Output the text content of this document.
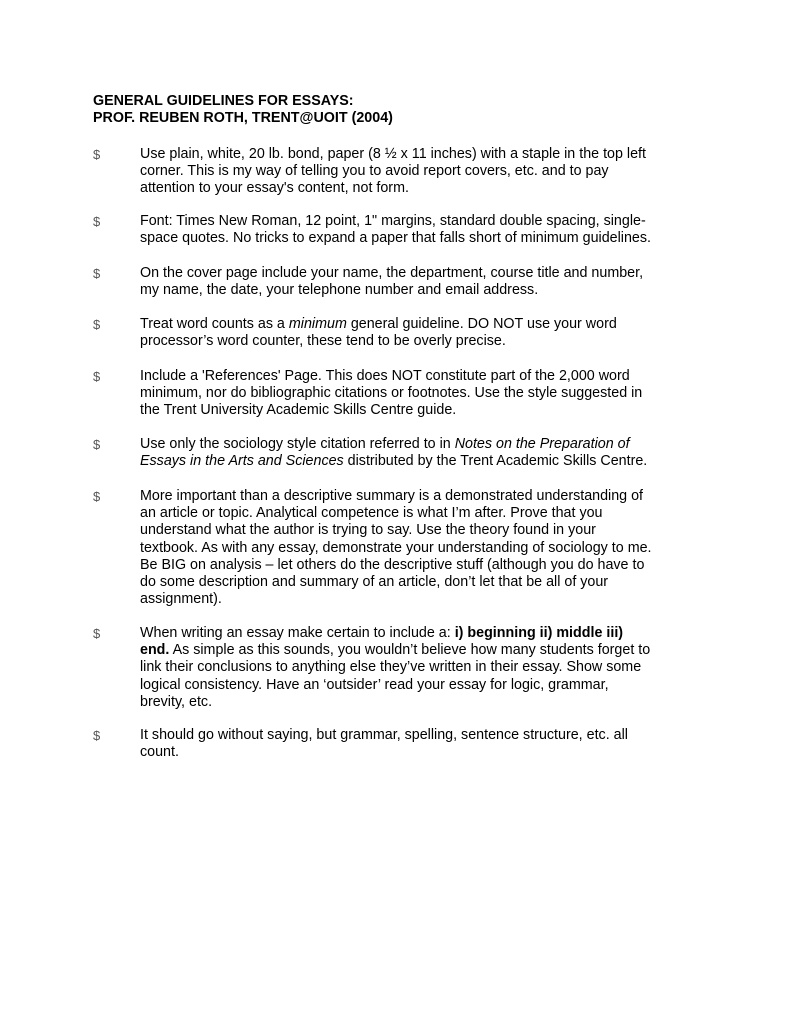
GENERAL GUIDELINES FOR ESSAYS:
PROF. REUBEN ROTH, TRENT@UOIT (2004)
$	Use plain, white, 20 lb. bond, paper (8 ½ x 11 inches) with a staple in the top left
corner. This is my way of telling you to avoid report covers, etc. and to pay
attention to your essay's content, not form.
$	Font: Times New Roman, 12 point, 1" margins, standard double spacing, single-
space quotes. No tricks to expand a paper that falls short of minimum guidelines.
$	On the cover page include your name, the department, course title and number,
my name, the date, your telephone number and email address.
$	Treat word counts as a minimum general guideline. DO NOT use your word
processor’s word counter, these tend to be overly precise.
$	Include a 'References' Page. This does NOT constitute part of the 2,000 word
minimum, nor do bibliographic citations or footnotes. Use the style suggested in
the Trent University Academic Skills Centre guide.
$	Use only the sociology style citation referred to in Notes on the Preparation of
Essays in the Arts and Sciences distributed by the Trent Academic Skills Centre.
$	More important than a descriptive summary is a demonstrated understanding of
an article or topic. Analytical competence is what I’m after. Prove that you
understand what the author is trying to say. Use the theory found in your
textbook. As with any essay, demonstrate your understanding of sociology to me.
Be BIG on analysis – let others do the descriptive stuff (although you do have to
do some description and summary of an article, don’t let that be all of your
assignment).
$	When writing an essay make certain to include a: i) beginning ii) middle iii)
end. As simple as this sounds, you wouldn’t believe how many students forget to
link their conclusions to anything else they’ve written in their essay. Show some
logical consistency. Have an ‘outsider’ read your essay for logic, grammar,
brevity, etc.
$	It should go without saying, but grammar, spelling, sentence structure, etc. all
count.
